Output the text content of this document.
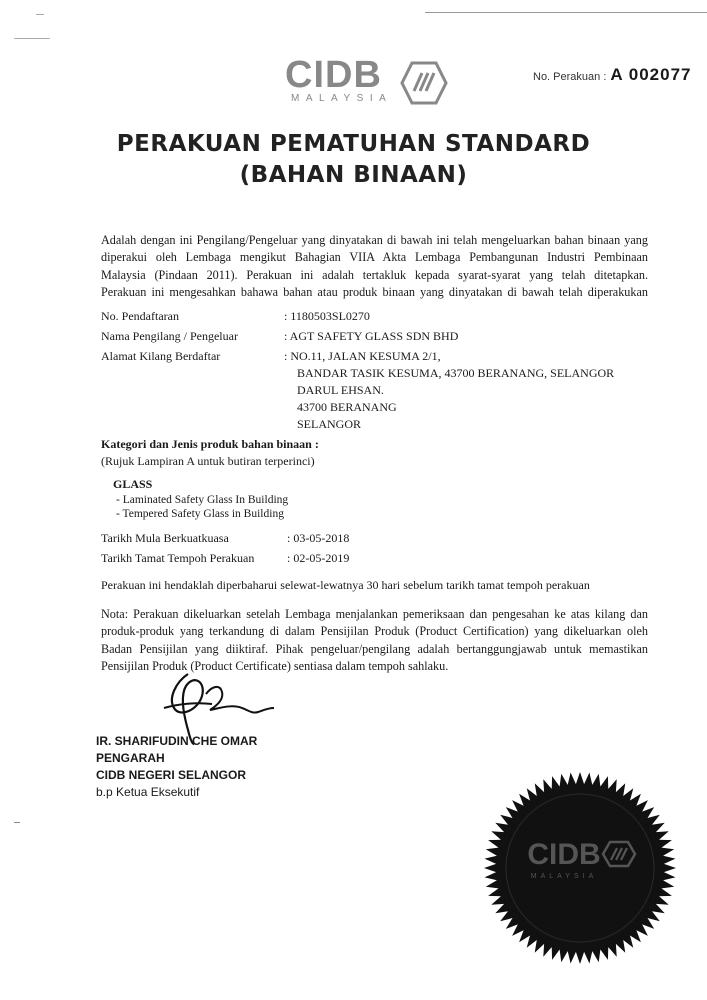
CIDB
MALAYSIA
No. Perakuan : A 002077
PERAKUAN PEMATUHAN STANDARD
(BAHAN BINAAN)
Adalah dengan ini Pengilang/Pengeluar yang dinyatakan di bawah ini telah mengeluarkan bahan binaan yang
diperakui oleh Lembaga mengikut Bahagian VIIA Akta Lembaga Pembangunan Industri Pembinaan
Malaysia (Pindaan 2011). Perakuan ini adalah tertakluk kepada syarat-syarat yang telah ditetapkan.
Perakuan ini mengesahkan bahawa bahan atau produk binaan yang dinyatakan di bawah telah diperakukan
No. Pendaftaran	: 1180503SL0270
Nama Pengilang / Pengeluar	: AGT SAFETY GLASS SDN BHD
Alamat Kilang Berdaftar	: NO.11, JALAN KESUMA 2/1,
BANDAR TASIK KESUMA, 43700 BERANANG, SELANGOR
DARUL EHSAN.
43700 BERANANG
SELANGOR
Kategori dan Jenis produk bahan binaan :
(Rujuk Lampiran A untuk butiran terperinci)
GLASS
- Laminated Safety Glass In Building
- Tempered Safety Glass in Building
Tarikh Mula Berkuatkuasa	: 03-05-2018
Tarikh Tamat Tempoh Perakuan	: 02-05-2019
Perakuan ini hendaklah diperbaharui selewat-lewatnya 30 hari sebelum tarikh tamat tempoh perakuan
Nota: Perakuan dikeluarkan setelah Lembaga menjalankan pemeriksaan dan pengesahan ke atas kilang dan
produk-produk yang terkandung di dalam Pensijilan Produk (Product Certification) yang dikeluarkan oleh
Badan Pensijilan yang diiktiraf. Pihak pengeluar/pengilang adalah bertanggungjawab untuk memastikan
Pensijilan Produk (Product Certificate) sentiasa dalam tempoh sahlaku.
IR. SHARIFUDIN CHE OMAR
PENGARAH
CIDB NEGERI SELANGOR
b.p Ketua Eksekutif
CIDB
MALAYSIA
